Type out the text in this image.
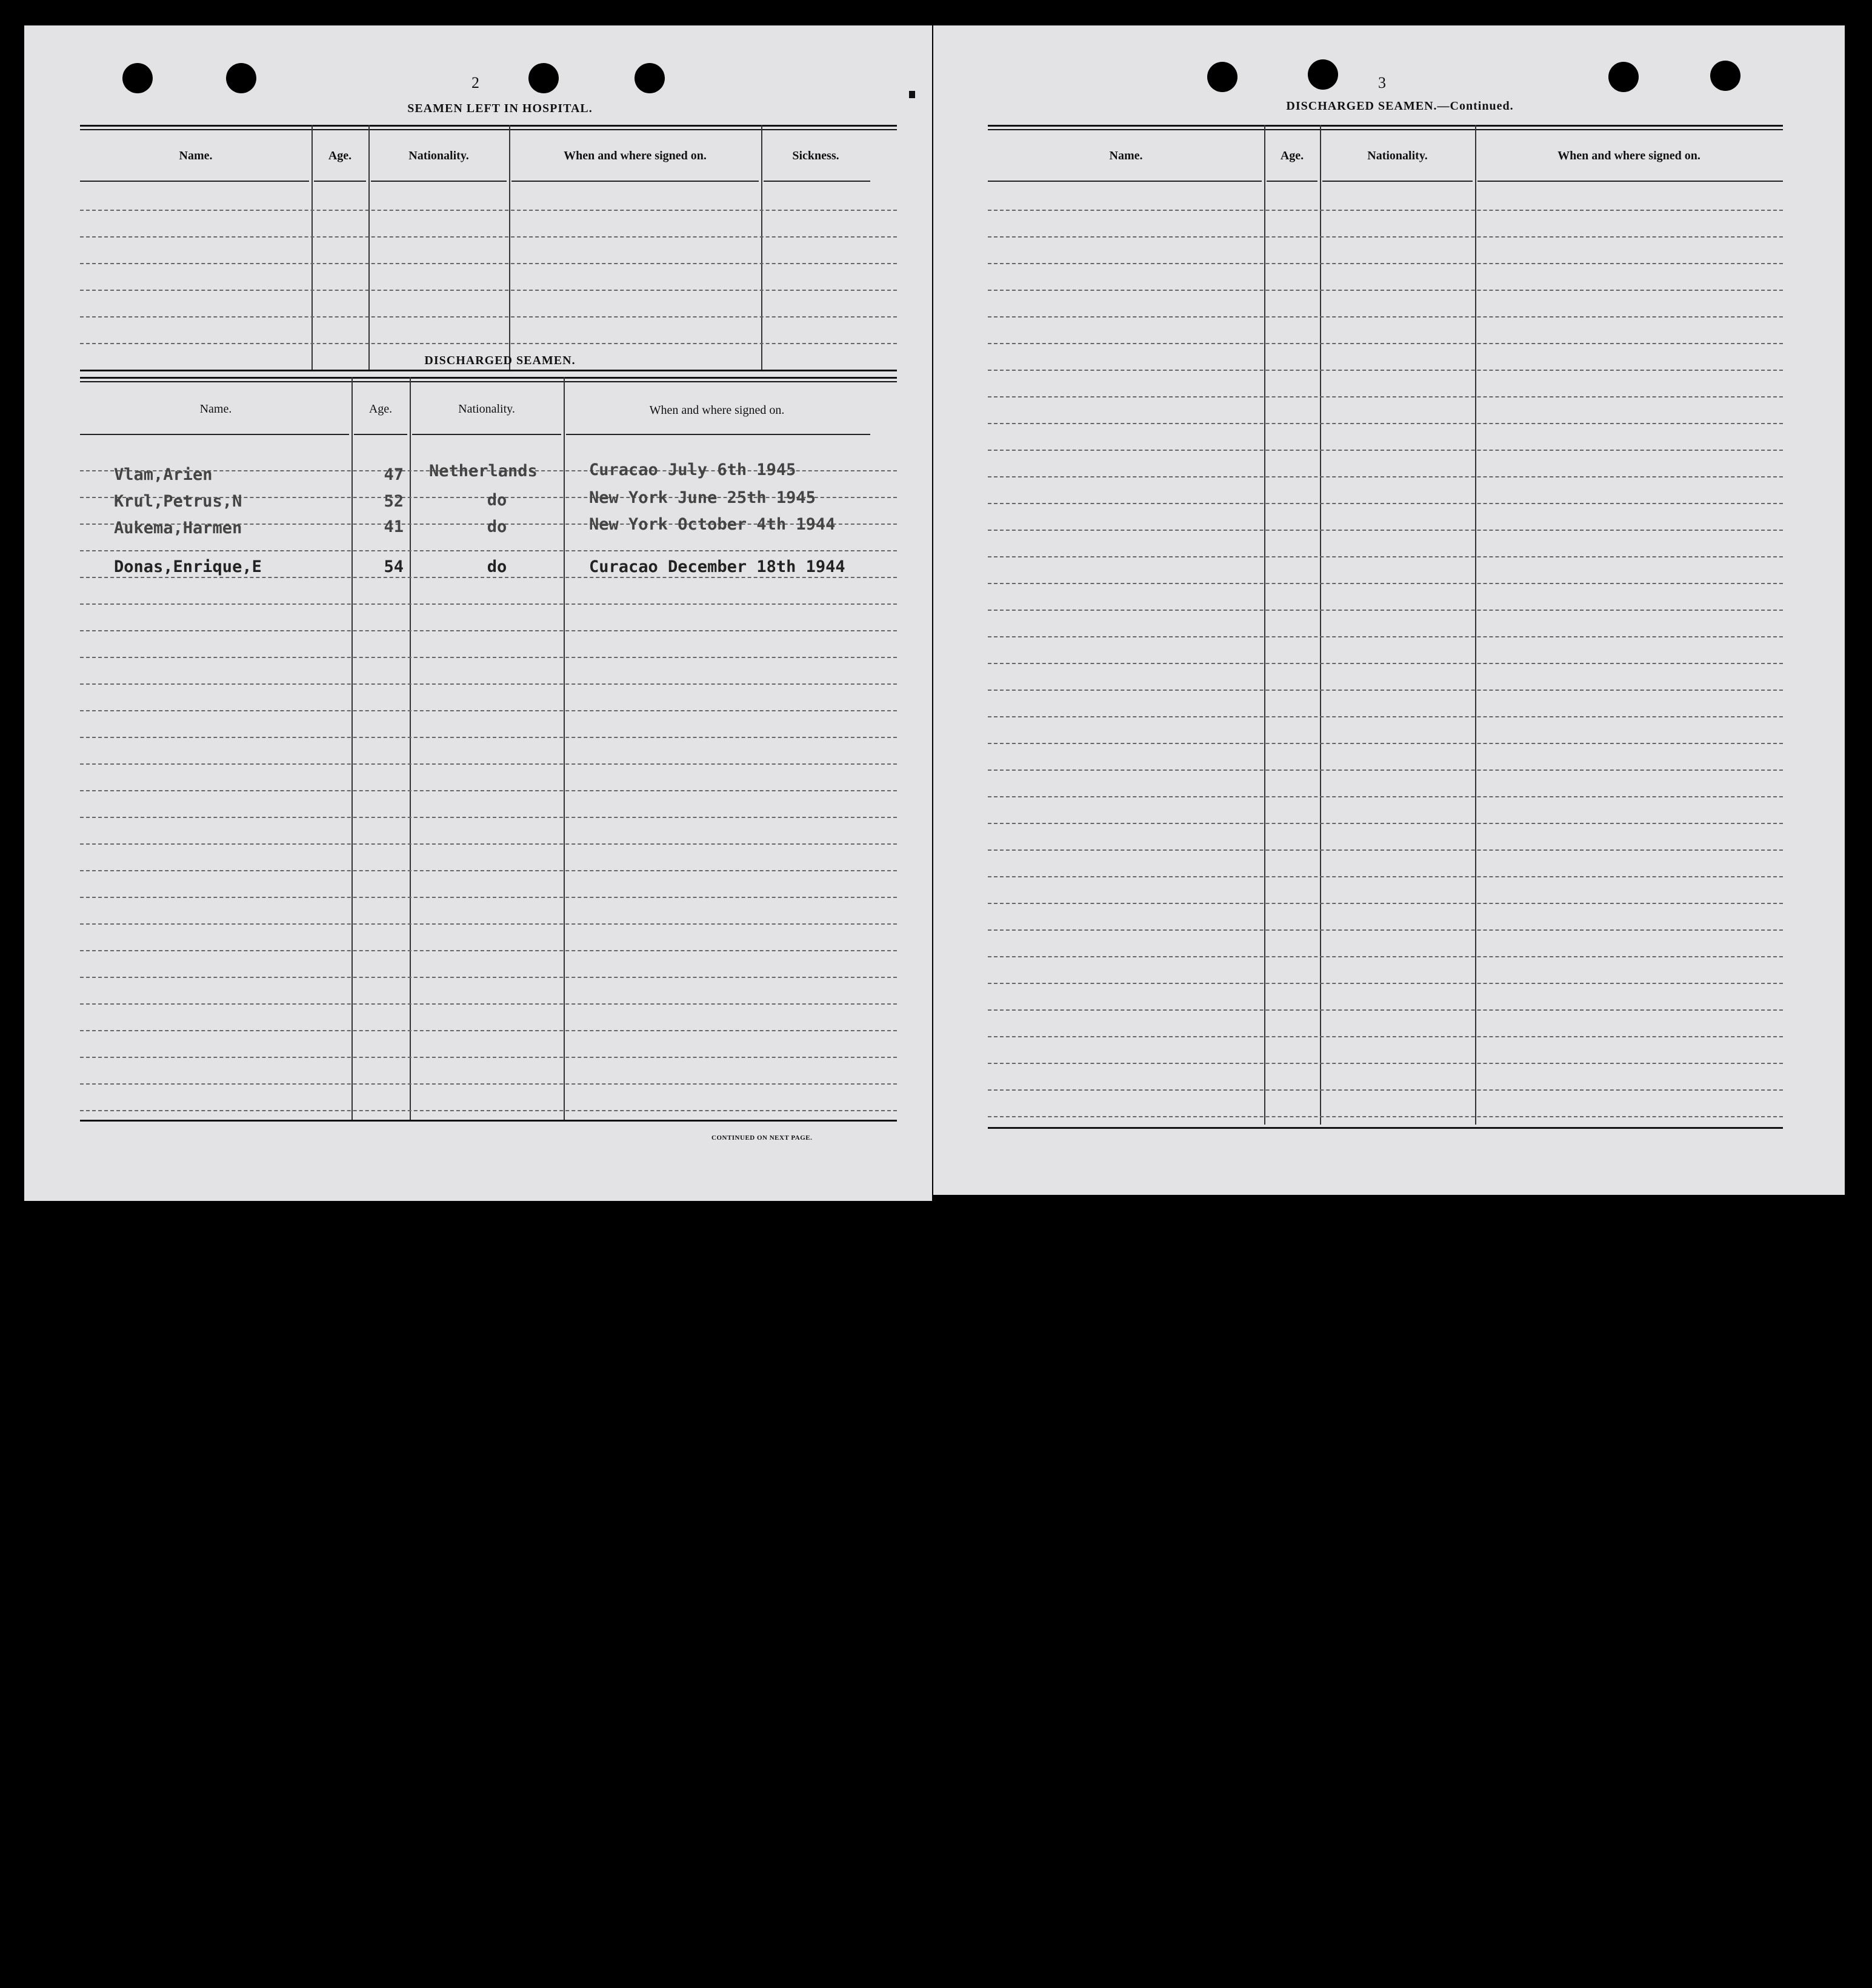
2
SEAMEN LEFT IN HOSPITAL.
Name.	Age.	Nationality.	When and where signed on.	Sickness.
DISCHARGED SEAMEN.
Name.	Age.	Nationality.	When and where signed on.
Vlam,Arien	47 Netherlands	Curacao July 6th 1945
Krul,Petrus,N	52	do	New York June 25th 1945
Aukema,Harmen	41	do	New York October 4th 1944
Donas,Enrique,E	54	do	Curacao December 18th 1944
CONTINUED ON NEXT PAGE.
3
DISCHARGED SEAMEN.—Continued.
Name.	Age.	Nationality.	When and where signed on.
